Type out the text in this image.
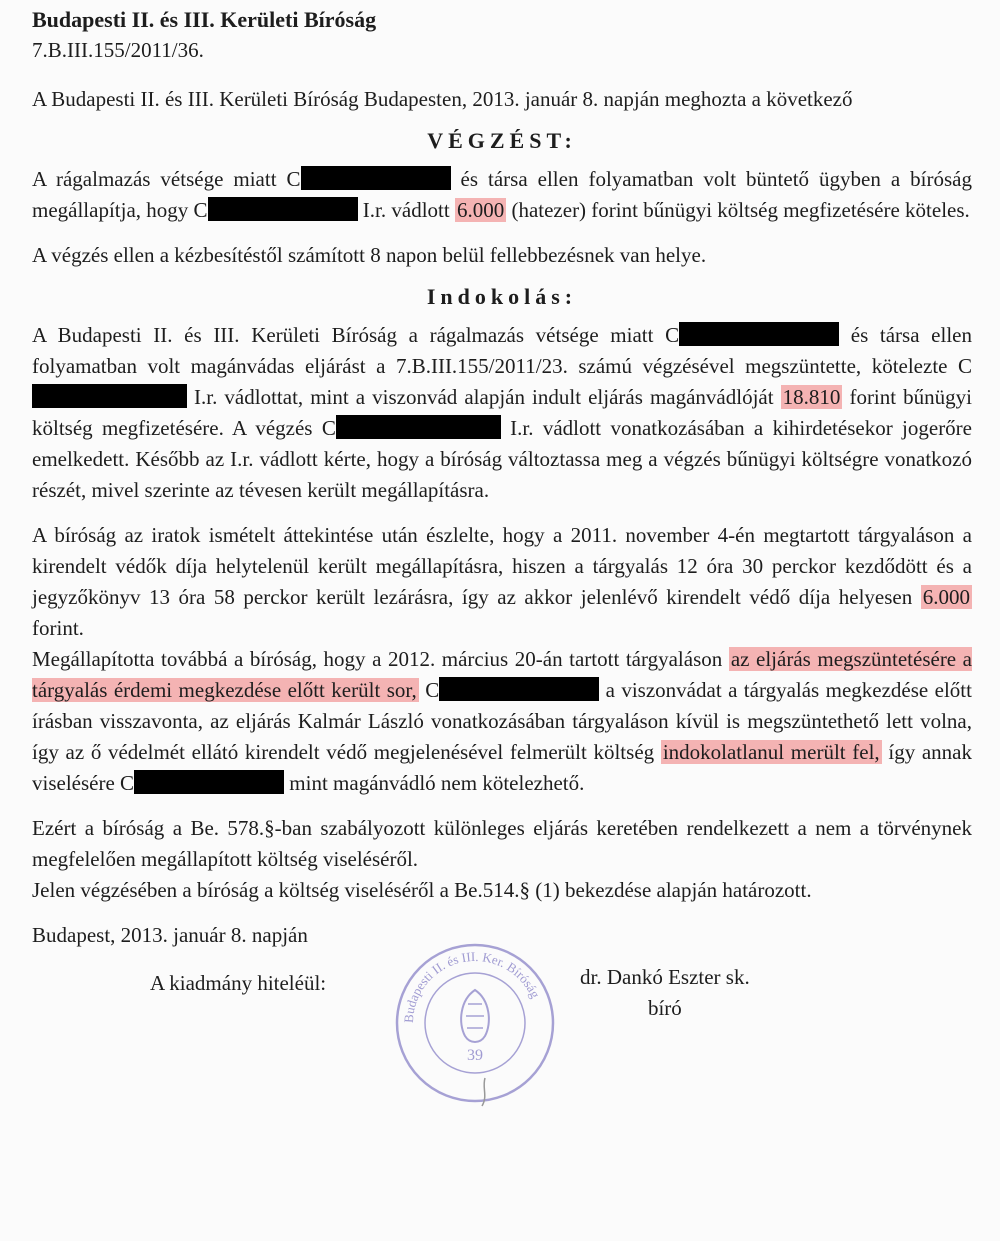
Budapesti II. és III. Kerületi Bíróság
7.B.III.155/2011/36.

A Budapesti II. és III. Kerületi Bíróság Budapesten, 2013. január 8. napján meghozta a következő

VÉGZÉST:

A rágalmazás vétsége miatt C	és társa ellen folyamatban volt büntető ügyben a bíróság megállapítja, hogy C	I.r. vádlott 6.000 (hatezer) forint bűnügyi költség megfizetésére köteles.

A végzés ellen a kézbesítéstől számított 8 napon belül fellebbezésnek van helye.

Indokolás:

A Budapesti II. és III. Kerületi Bíróság a rágalmazás vétsége miatt C	és társa ellen folyamatban volt magánvádas eljárást a 7.B.III.155/2011/23. számú végzésével megszüntette, kötelezte C I.r. vádlottat, mint a viszonvád alapján indult eljárás magánvádlóját 18.810 forint bűnügyi költség megfizetésére. A végzés C	I.r. vádlott vonatkozásában a kihirdetésekor jogerőre emelkedett. Később az I.r. vádlott kérte, hogy a bíróság változtassa meg a végzés bűnügyi költségre vonatkozó részét, mivel szerinte az tévesen került megállapításra.

A bíróság az iratok ismételt áttekintése után észlelte, hogy a 2011. november 4-én megtartott tárgyaláson a kirendelt védők díja helytelenül került megállapításra, hiszen a tárgyalás 12 óra 30 perckor kezdődött és a jegyzőkönyv 13 óra 58 perckor került lezárásra, így az akkor jelenlévő kirendelt védő díja helyesen 6.000 forint.

Megállapította továbbá a bíróság, hogy a 2012. március 20-án tartott tárgyaláson az eljárás megszüntetésére a tárgyalás érdemi megkezdése előtt került sor, C	a viszonvádat a tárgyalás megkezdése előtt írásban visszavonta, az eljárás Kalmár László vonatkozásában tárgyaláson kívül is megszüntethető lett volna, így az ő védelmét ellátó kirendelt védő megjelenésével felmerült költség indokolatlanul merült fel, így annak viselésére C	mint magánvádló nem kötelezhető.

Ezért a bíróság a Be. 578.§-ban szabályozott különleges eljárás keretében rendelkezett a nem a törvénynek megfelelően megállapított költség viseléséről.

Jelen végzésében a bíróság a költség viseléséről a Be.514.§ (1) bekezdése alapján határozott.

Budapest, 2013. január 8. napján
A kiadmány hiteléül:
Budapesti II. és III. Ker. Bíróság
39
dr. Dankó Eszter sk.
bíró
